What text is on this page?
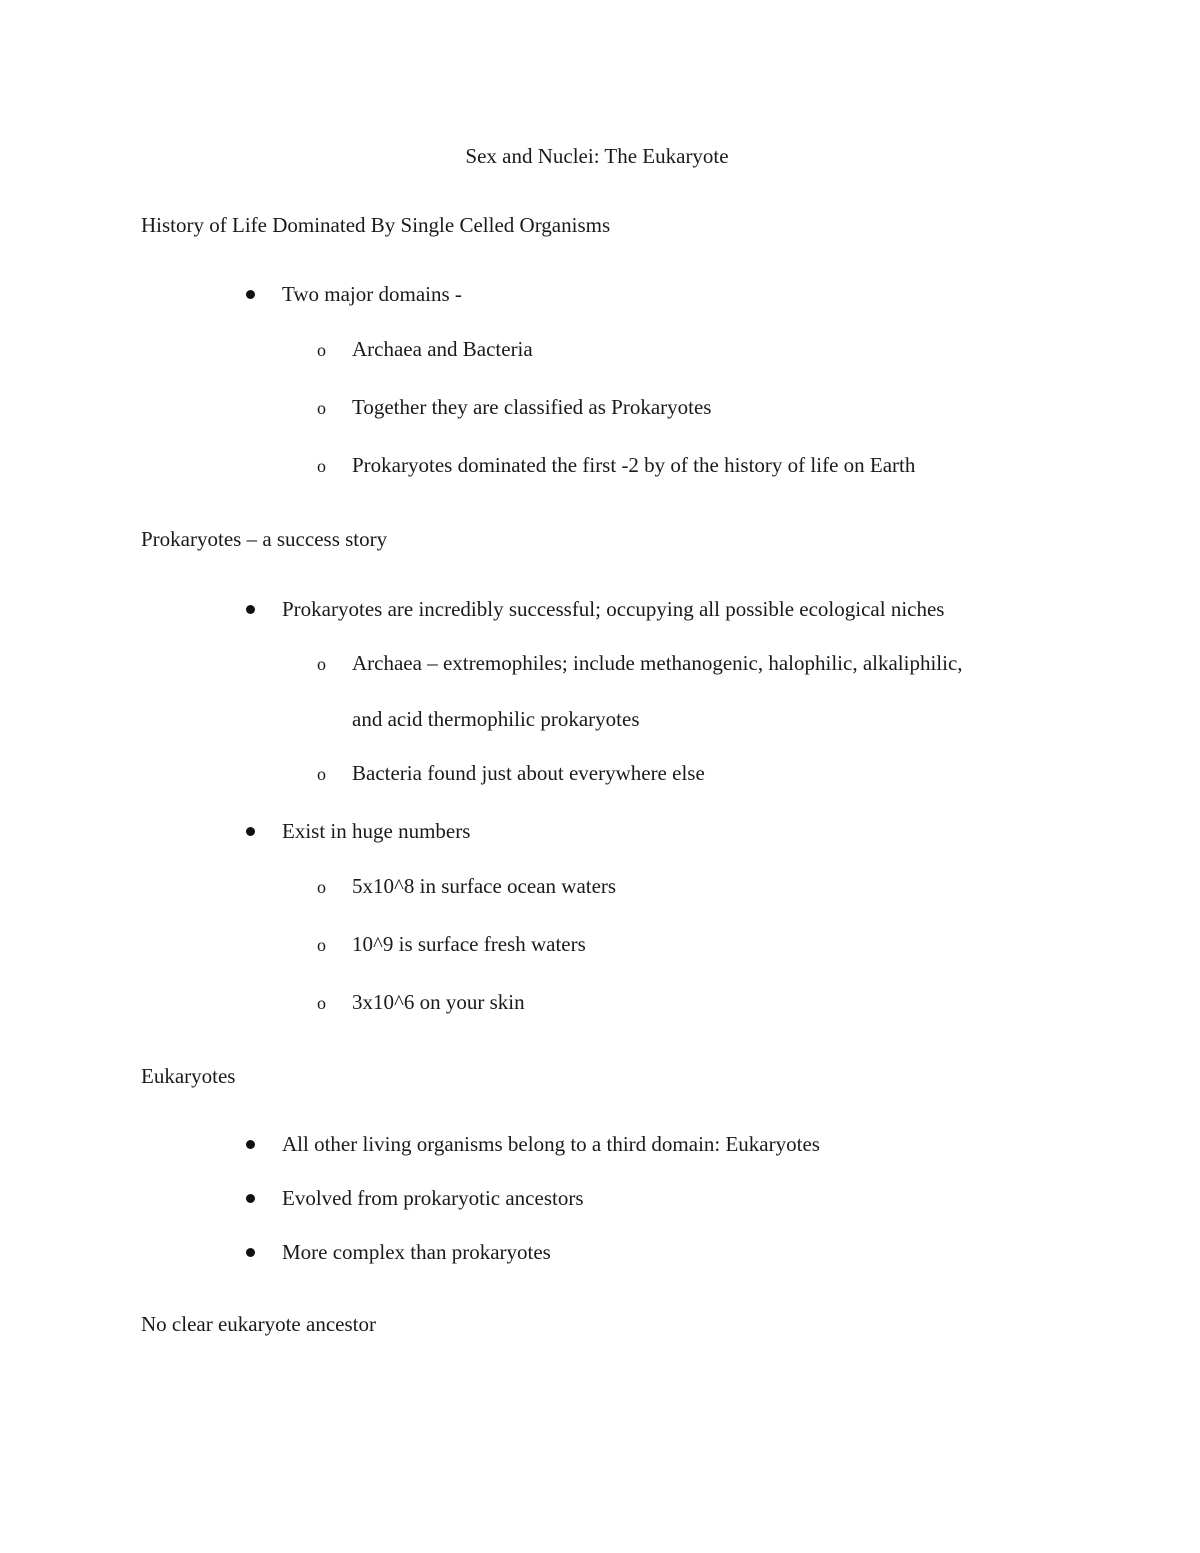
Sex and Nuclei: The Eukaryote
History of Life Dominated By Single Celled Organisms
Two major domains -
o Archaea and Bacteria
o Together they are classified as Prokaryotes
o Prokaryotes dominated the first -2 by of the history of life on Earth
Prokaryotes – a success story
Prokaryotes are incredibly successful; occupying all possible ecological niches
o Archaea – extremophiles; include methanogenic, halophilic, alkaliphilic,
and acid thermophilic prokaryotes
o Bacteria found just about everywhere else
Exist in huge numbers
o 5x10^8 in surface ocean waters
o 10^9 is surface fresh waters
o 3x10^6 on your skin
Eukaryotes
All other living organisms belong to a third domain: Eukaryotes
Evolved from prokaryotic ancestors
More complex than prokaryotes
No clear eukaryote ancestor
